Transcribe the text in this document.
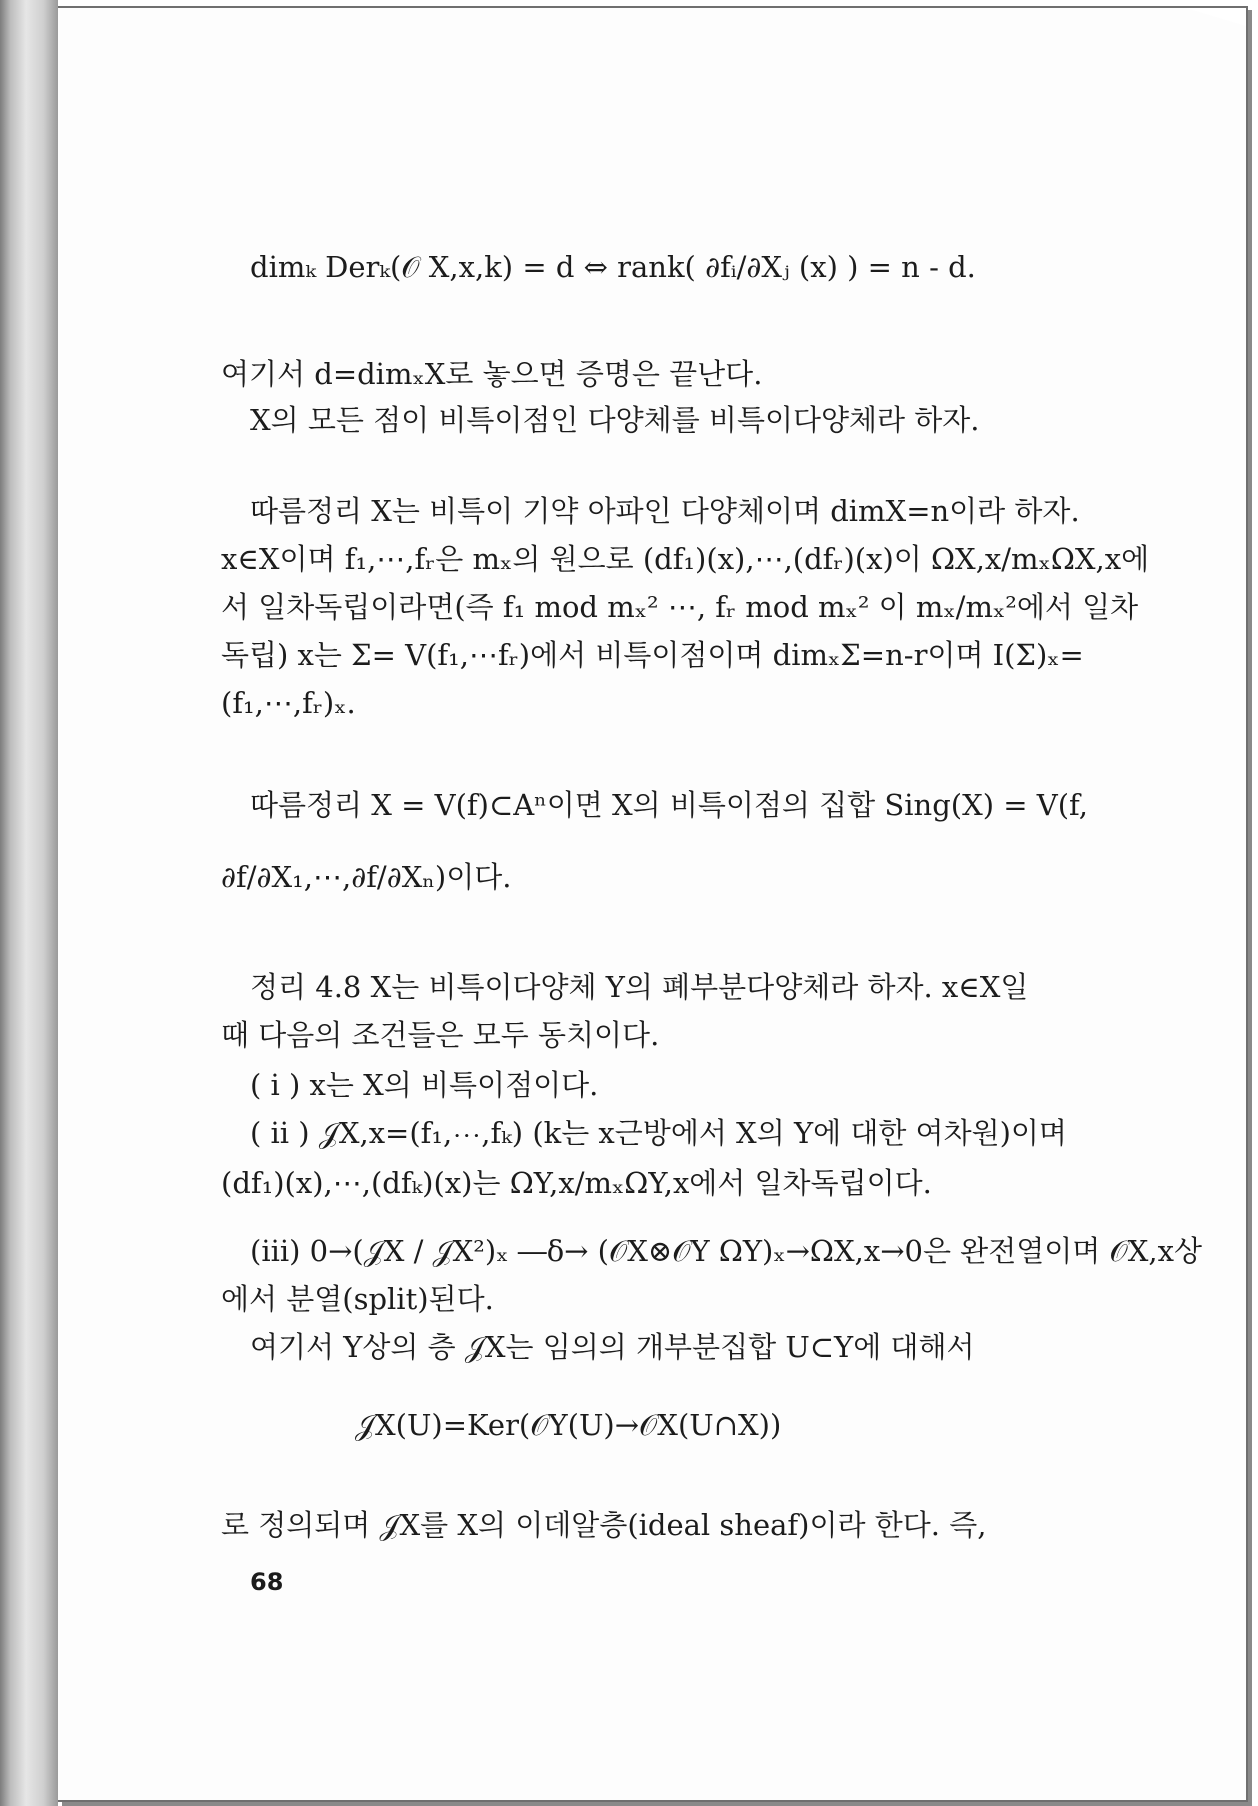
dimₖ Derₖ(𝒪 X,x,k) = d ⇔ rank( ∂fᵢ/∂Xⱼ (x) ) = n - d.
여기서 d=dimₓX로 놓으면 증명은 끝난다.
X의 모든 점이 비특이점인 다양체를 비특이다양체라 하자.
따름정리 X는 비특이 기약 아파인 다양체이며 dimX=n이라 하자.
x∈X이며 f₁,⋯,fᵣ은 mₓ의 원으로 (df₁)(x),⋯,(dfᵣ)(x)이 ΩX,x/mₓΩX,x에
서 일차독립이라면(즉 f₁ mod mₓ² ⋯, fᵣ mod mₓ² 이 mₓ/mₓ²에서 일차
독립) x는 Σ= V(f₁,⋯fᵣ)에서 비특이점이며 dimₓΣ=n-r이며 I(Σ)ₓ=
(f₁,⋯,fᵣ)ₓ.
따름정리 X = V(f)⊂Aⁿ이면 X의 비특이점의 집합 Sing(X) = V(f,
∂f/∂X₁,⋯,∂f/∂Xₙ)이다.
정리 4.8 X는 비특이다양체 Y의 폐부분다양체라 하자. x∈X일
때 다음의 조건들은 모두 동치이다.
( i ) x는 X의 비특이점이다.
( ii ) 𝒥X,x=(f₁,⋯,fₖ) (k는 x근방에서 X의 Y에 대한 여차원)이며
(df₁)(x),⋯,(dfₖ)(x)는 ΩY,x/mₓΩY,x에서 일차독립이다.
(iii) 0→(𝒥X / 𝒥X²)ₓ ―δ→ (𝒪X⊗𝒪Y ΩY)ₓ→ΩX,x→0은 완전열이며 𝒪X,x상
에서 분열(split)된다.
여기서 Y상의 층 𝒥X는 임의의 개부분집합 U⊂Y에 대해서
𝒥X(U)=Ker(𝒪Y(U)→𝒪X(U∩X))
로 정의되며 𝒥X를 X의 이데알층(ideal sheaf)이라 한다. 즉,
68
